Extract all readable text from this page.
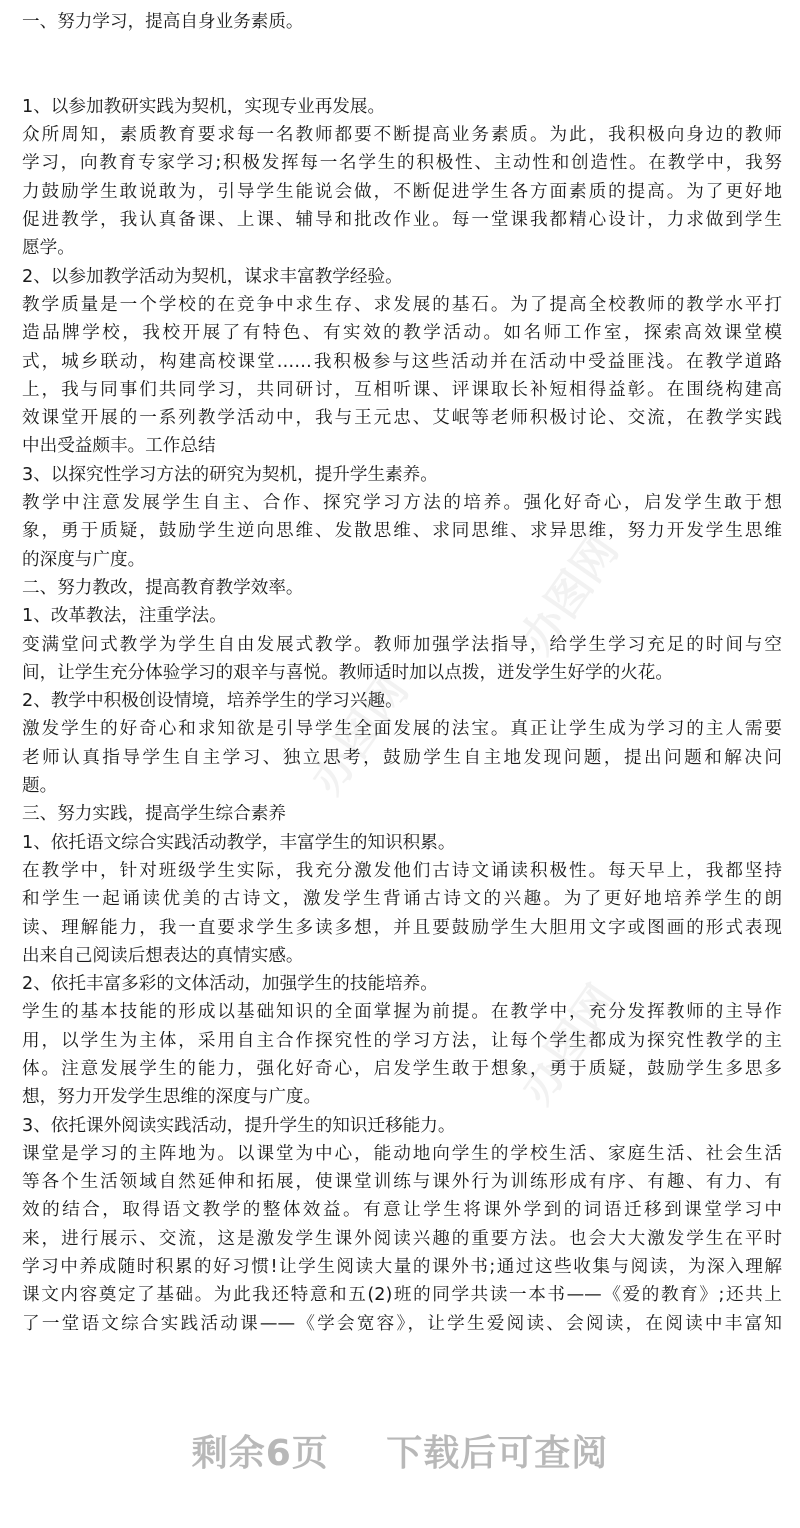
办图网
办图网
办图网
一、努力学习，提高自身业务素质。
1、以参加教研实践为契机，实现专业再发展。
众所周知，素质教育要求每一名教师都要不断提高业务素质。为此，我积极向身边的教师
学习，向教育专家学习;积极发挥每一名学生的积极性、主动性和创造性。在教学中，我努
力鼓励学生敢说敢为，引导学生能说会做，不断促进学生各方面素质的提高。为了更好地
促进教学，我认真备课、上课、辅导和批改作业。每一堂课我都精心设计，力求做到学生
愿学。
2、以参加教学活动为契机，谋求丰富教学经验。
教学质量是一个学校的在竞争中求生存、求发展的基石。为了提高全校教师的教学水平打
造品牌学校，我校开展了有特色、有实效的教学活动。如名师工作室，探索高效课堂模
式，城乡联动，构建高校课堂……我积极参与这些活动并在活动中受益匪浅。在教学道路
上，我与同事们共同学习，共同研讨，互相听课、评课取长补短相得益彰。在围绕构建高
效课堂开展的一系列教学活动中，我与王元忠、艾岷等老师积极讨论、交流，在教学实践
中出受益颇丰。工作总结
3、以探究性学习方法的研究为契机，提升学生素养。
教学中注意发展学生自主、合作、探究学习方法的培养。强化好奇心，启发学生敢于想
象，勇于质疑，鼓励学生逆向思维、发散思维、求同思维、求异思维，努力开发学生思维
的深度与广度。
二、努力教改，提高教育教学效率。
1、改革教法，注重学法。
变满堂问式教学为学生自由发展式教学。教师加强学法指导，给学生学习充足的时间与空
间，让学生充分体验学习的艰辛与喜悦。教师适时加以点拨，迸发学生好学的火花。
2、教学中积极创设情境，培养学生的学习兴趣。
激发学生的好奇心和求知欲是引导学生全面发展的法宝。真正让学生成为学习的主人需要
老师认真指导学生自主学习、独立思考，鼓励学生自主地发现问题，提出问题和解决问
题。
三、努力实践，提高学生综合素养
1、依托语文综合实践活动教学，丰富学生的知识积累。
在教学中，针对班级学生实际，我充分激发他们古诗文诵读积极性。每天早上，我都坚持
和学生一起诵读优美的古诗文，激发学生背诵古诗文的兴趣。为了更好地培养学生的朗
读、理解能力，我一直要求学生多读多想，并且要鼓励学生大胆用文字或图画的形式表现
出来自己阅读后想表达的真情实感。
2、依托丰富多彩的文体活动，加强学生的技能培养。
学生的基本技能的形成以基础知识的全面掌握为前提。在教学中，充分发挥教师的主导作
用，以学生为主体，采用自主合作探究性的学习方法，让每个学生都成为探究性教学的主
体。注意发展学生的能力，强化好奇心，启发学生敢于想象，勇于质疑，鼓励学生多思多
想，努力开发学生思维的深度与广度。
3、依托课外阅读实践活动，提升学生的知识迁移能力。
课堂是学习的主阵地为。以课堂为中心，能动地向学生的学校生活、家庭生活、社会生活
等各个生活领域自然延伸和拓展，使课堂训练与课外行为训练形成有序、有趣、有力、有
效的结合，取得语文教学的整体效益。有意让学生将课外学到的词语迁移到课堂学习中
来，进行展示、交流，这是激发学生课外阅读兴趣的重要方法。也会大大激发学生在平时
学习中养成随时积累的好习惯!让学生阅读大量的课外书;通过这些收集与阅读，为深入理解
课文内容奠定了基础。为此我还特意和五(2)班的同学共读一本书——《爱的教育》;还共上
了一堂语文综合实践活动课——《学会宽容》，让学生爱阅读、会阅读，在阅读中丰富知
剩余6页 下载后可查阅
